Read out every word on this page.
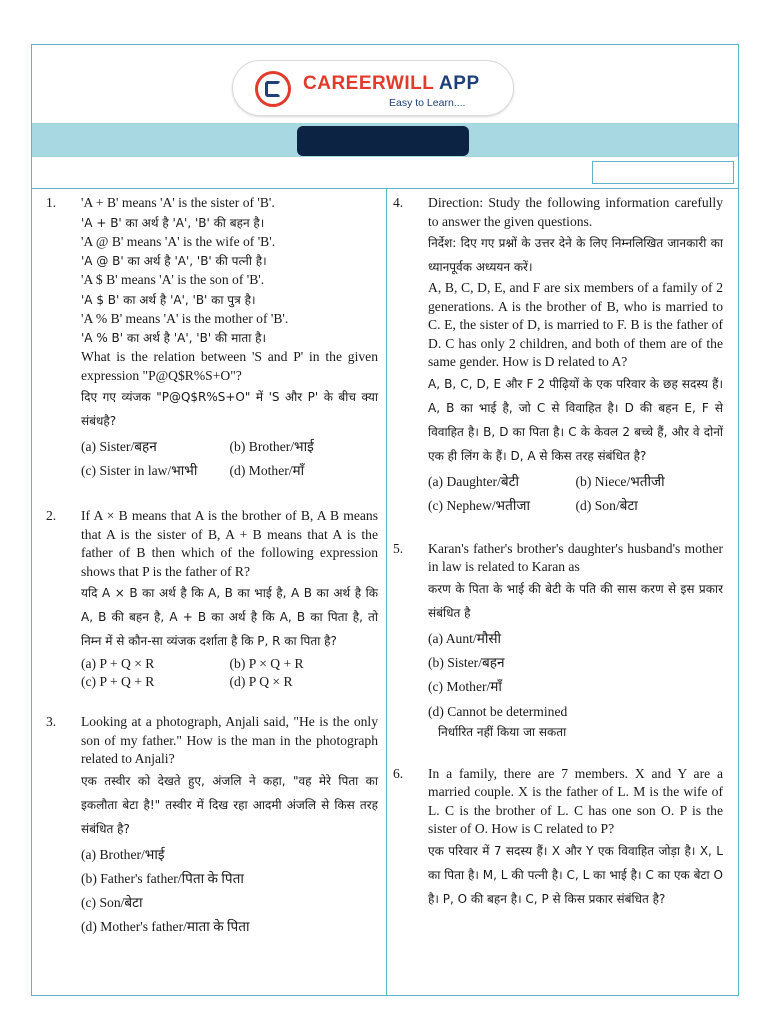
CAREERWILL APP
Easy to Learn....
1. 'A + B' means 'A' is the sister of 'B'.
'A + B' का अर्थ है 'A', 'B' की बहन है।
'A @ B' means 'A' is the wife of 'B'.
'A @ B' का अर्थ है 'A', 'B' की पत्नी है।
'A $ B' means 'A' is the son of 'B'.
'A $ B' का अर्थ है 'A', 'B' का पुत्र है।
'A % B' means 'A' is the mother of 'B'.
'A % B' का अर्थ है 'A', 'B' की माता है।
What is the relation between 'S and P' in the given expression "P@Q$R%S+O"?
दिए गए व्यंजक "P@Q$R%S+O" में 'S और P' के बीच क्या संबंधहै?
(a) Sister/बहन	(b) Brother/भाई
(c) Sister in law/भाभी	(d) Mother/माँ
2. If A × B means that A is the brother of B, A B means that A is the sister of B, A + B means that A is the father of B then which of the following expression shows that P is the father of R?
यदि A × B का अर्थ है कि A, B का भाई है, A B का अर्थ है कि A, B की बहन है, A + B का अर्थ है कि A, B का पिता है, तो निम्न में से कौन-सा व्यंजक दर्शाता है कि P, R का पिता है?
(a) P + Q × R	(b) P × Q + R
(c) P + Q + R	(d) P Q × R
3. Looking at a photograph, Anjali said, "He is the only son of my father." How is the man in the photograph related to Anjali?
एक तस्वीर को देखते हुए, अंजलि ने कहा, "वह मेरे पिता का इकलौता बेटा है!" तस्वीर में दिख रहा आदमी अंजलि से किस तरह संबंधित है?
(a) Brother/भाई
(b) Father's father/पिता के पिता
(c) Son/बेटा
(d) Mother's father/माता के पिता
4. Direction: Study the following information carefully to answer the given questions.
निर्देश: दिए गए प्रश्नों के उत्तर देने के लिए निम्नलिखित जानकारी का ध्यानपूर्वक अध्ययन करें।
A, B, C, D, E, and F are six members of a family of 2 generations. A is the brother of B, who is married to C. E, the sister of D, is married to F. B is the father of D. C has only 2 children, and both of them are of the same gender. How is D related to A?
A, B, C, D, E और F 2 पीढ़ियों के एक परिवार के छह सदस्य हैं। A, B का भाई है, जो C से विवाहित है। D की बहन E, F से विवाहित है। B, D का पिता है। C के केवल 2 बच्चे हैं, और वे दोनों एक ही लिंग के हैं। D, A से किस तरह संबंधित है?
(a) Daughter/बेटी	(b) Niece/भतीजी
(c) Nephew/भतीजा	(d) Son/बेटा
5. Karan's father's brother's daughter's husband's mother in law is related to Karan as
करण के पिता के भाई की बेटी के पति की सास करण से इस प्रकार संबंधित है
(a) Aunt/मौसी
(b) Sister/बहन
(c) Mother/माँ
(d) Cannot be determined
निर्धारित नहीं किया जा सकता
6. In a family, there are 7 members. X and Y are a married couple. X is the father of L. M is the wife of L. C is the brother of L. C has one son O. P is the sister of O. How is C related to P?
एक परिवार में 7 सदस्य हैं। X और Y एक विवाहित जोड़ा है। X, L का पिता है। M, L की पत्नी है। C, L का भाई है। C का एक बेटा O है। P, O की बहन है। C, P से किस प्रकार संबंधित है?
